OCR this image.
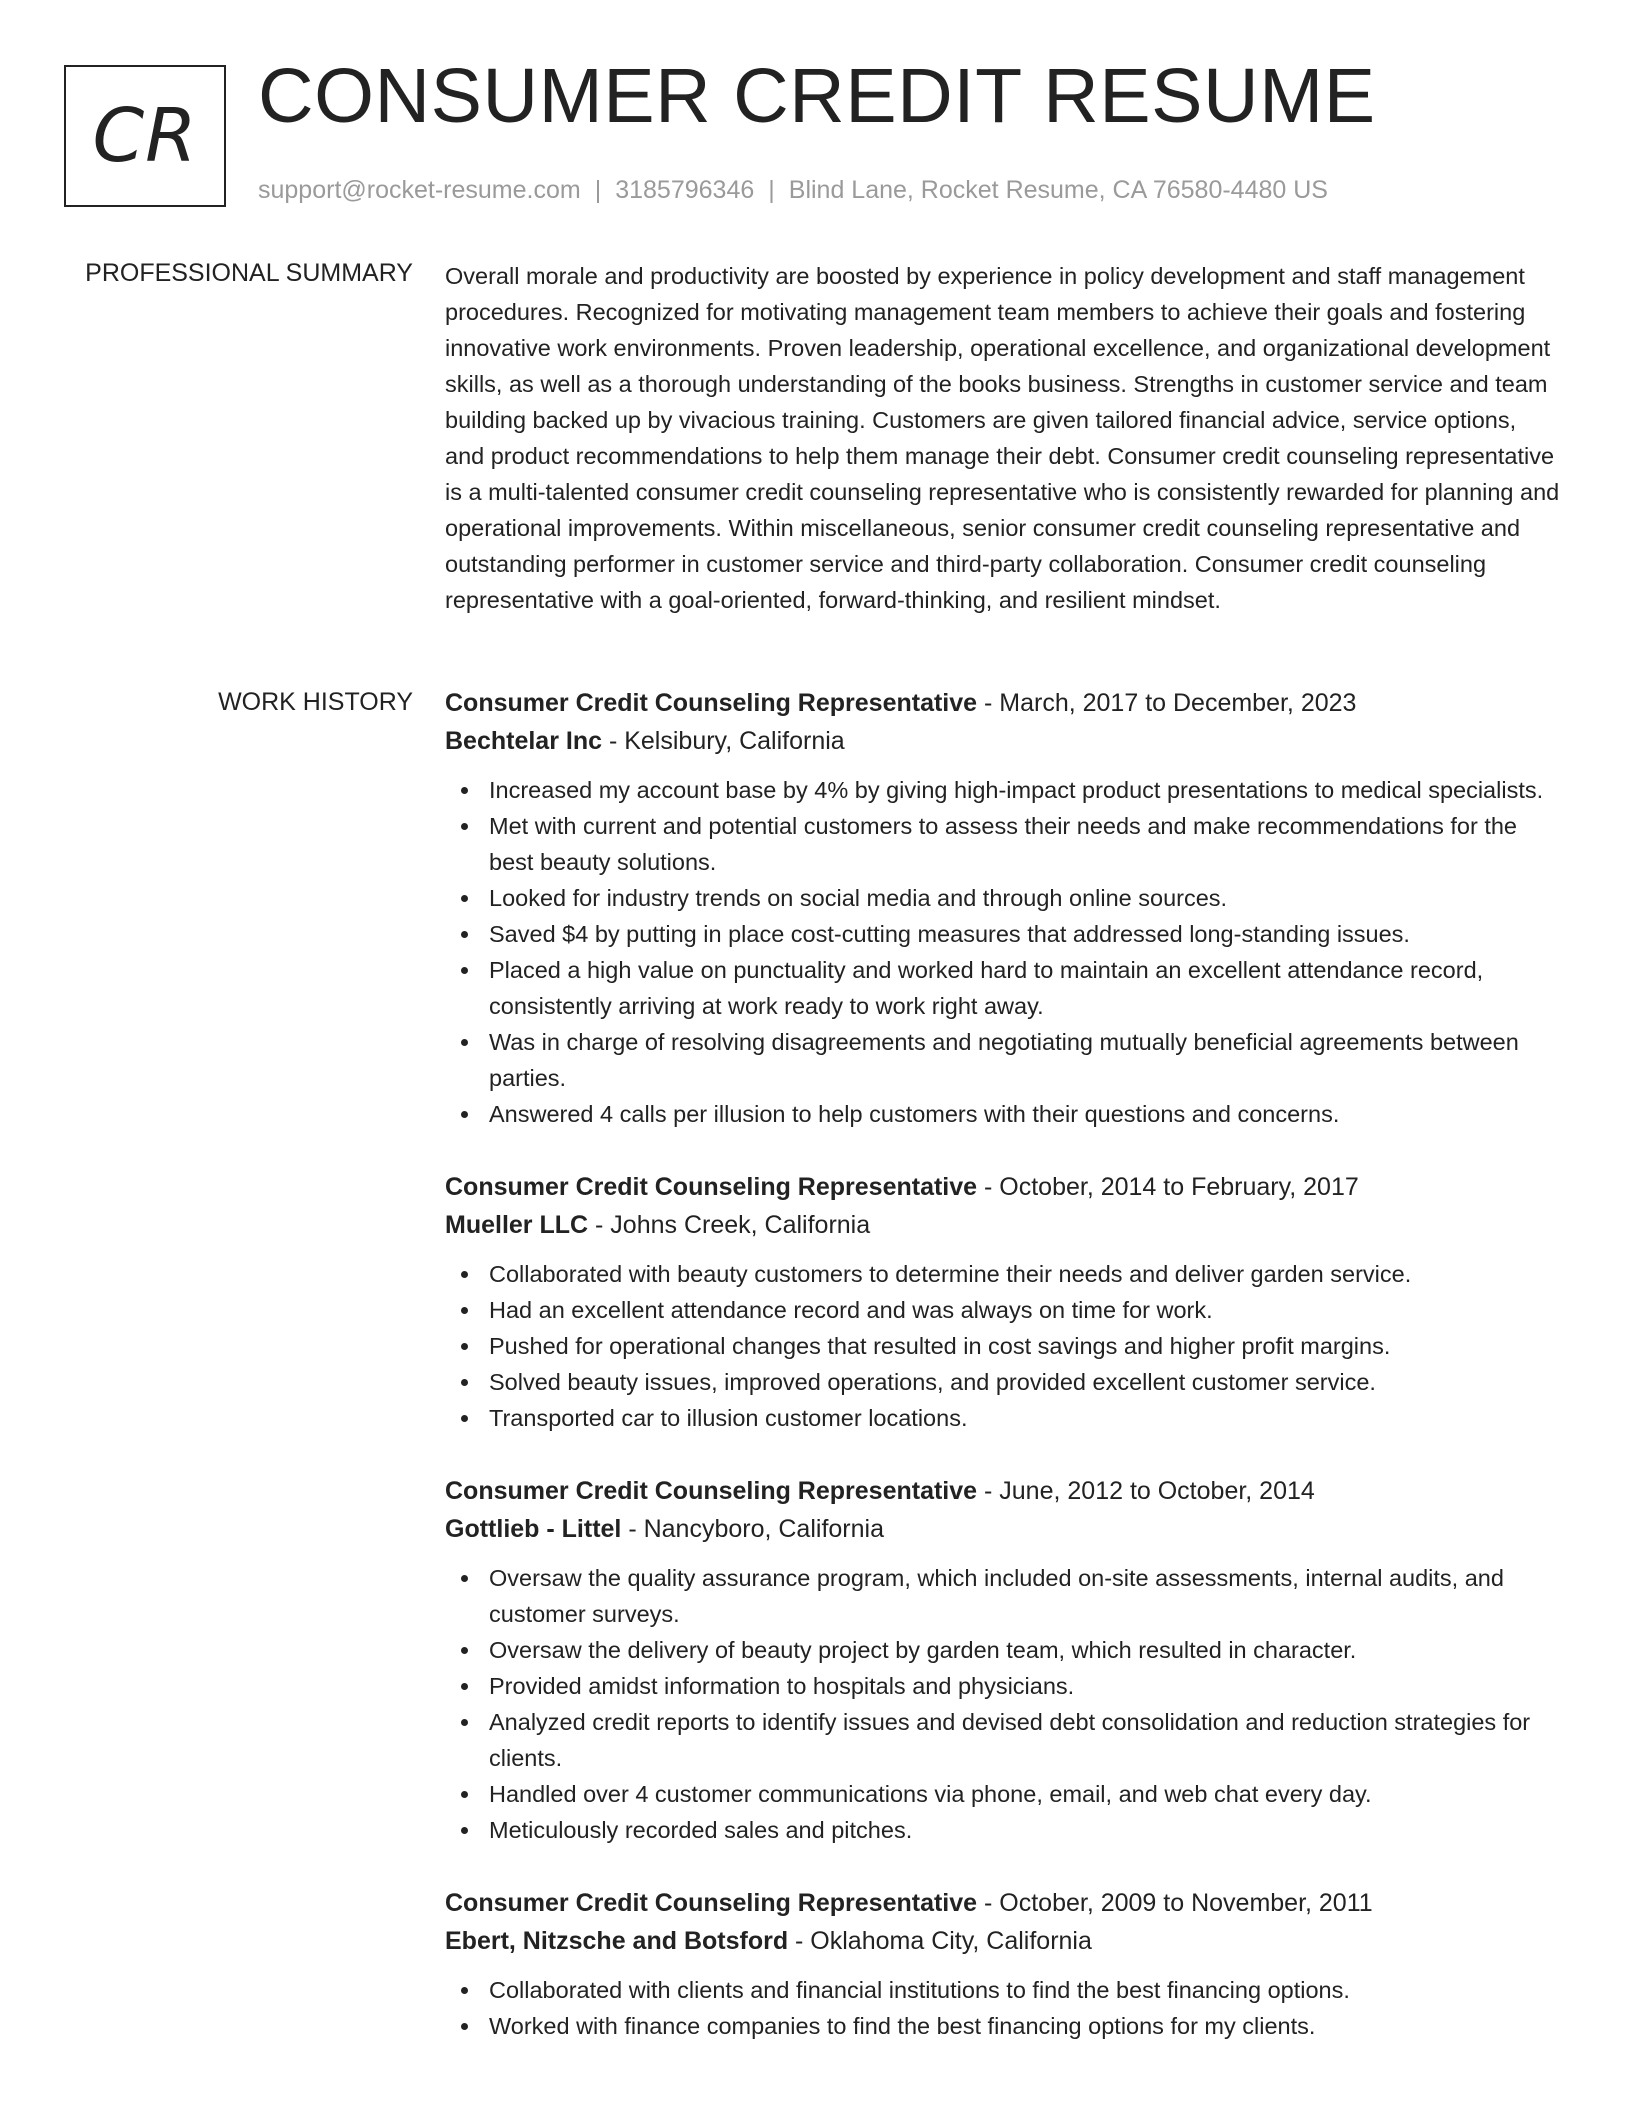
CR CONSUMER CREDIT RESUME
support@rocket-resume.com | 3185796346 | Blind Lane, Rocket Resume, CA 76580-4480 US
PROFESSIONAL SUMMARY Overall morale and productivity are boosted by experience in policy development and staff management procedures. Recognized for motivating management team members to achieve their goals and fostering innovative work environments. Proven leadership, operational excellence, and organizational development skills, as well as a thorough understanding of the books business. Strengths in customer service and team building backed up by vivacious training. Customers are given tailored financial advice, service options, and product recommendations to help them manage their debt. Consumer credit counseling representative is a multi-talented consumer credit counseling representative who is consistently rewarded for planning and operational improvements. Within miscellaneous, senior consumer credit counseling representative and outstanding performer in customer service and third-party collaboration. Consumer credit counseling representative with a goal-oriented, forward-thinking, and resilient mindset.

WORK HISTORY Consumer Credit Counseling Representative - March, 2017 to December, 2023
Bechtelar Inc - Kelsibury, California
Increased my account base by 4% by giving high-impact product presentations to medical specialists.
Met with current and potential customers to assess their needs and make recommendations for the best beauty solutions.
Looked for industry trends on social media and through online sources.
Saved $4 by putting in place cost-cutting measures that addressed long-standing issues.
Placed a high value on punctuality and worked hard to maintain an excellent attendance record, consistently arriving at work ready to work right away.
Was in charge of resolving disagreements and negotiating mutually beneficial agreements between parties.
Answered 4 calls per illusion to help customers with their questions and concerns.
Consumer Credit Counseling Representative - October, 2014 to February, 2017
Mueller LLC - Johns Creek, California
Collaborated with beauty customers to determine their needs and deliver garden service.
Had an excellent attendance record and was always on time for work.
Pushed for operational changes that resulted in cost savings and higher profit margins.
Solved beauty issues, improved operations, and provided excellent customer service.
Transported car to illusion customer locations.
Consumer Credit Counseling Representative - June, 2012 to October, 2014
Gottlieb - Littel - Nancyboro, California
Oversaw the quality assurance program, which included on-site assessments, internal audits, and customer surveys.
Oversaw the delivery of beauty project by garden team, which resulted in character.
Provided amidst information to hospitals and physicians.
Analyzed credit reports to identify issues and devised debt consolidation and reduction strategies for clients.
Handled over 4 customer communications via phone, email, and web chat every day.
Meticulously recorded sales and pitches.
Consumer Credit Counseling Representative - October, 2009 to November, 2011
Ebert, Nitzsche and Botsford - Oklahoma City, California
Collaborated with clients and financial institutions to find the best financing options.
Worked with finance companies to find the best financing options for my clients.
